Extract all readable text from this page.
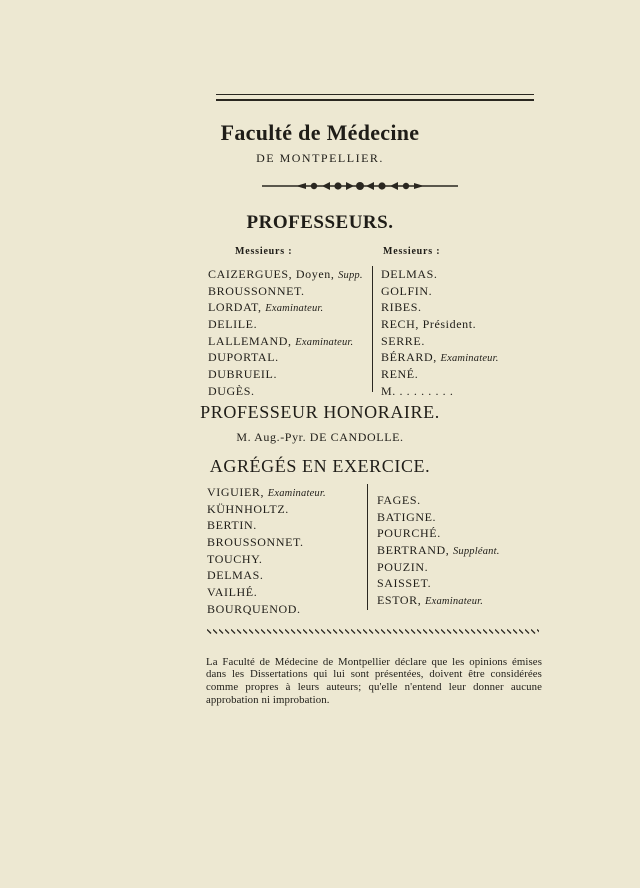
Faculté de Médecine
DE MONTPELLIER.
PROFESSEURS.
Messieurs :	Messieurs :
CAIZERGUES, Doyen, Supp.
BROUSSONNET.
LORDAT, Examinateur.
DELILE.
LALLEMAND, Examinateur.
DUPORTAL.
DUBRUEIL.
DUGÈS.
DELMAS.
GOLFIN.
RIBES.
RECH, Président.
SERRE.
BÉRARD, Examinateur.
RENÉ.
M. . . . . . . . .
PROFESSEUR HONORAIRE.
M. Aug.-Pyr. DE CANDOLLE.
AGRÉGÉS EN EXERCICE.
VIGUIER, Examinateur.
KÜHNHOLTZ.
BERTIN.
BROUSSONNET.
TOUCHY.
DELMAS.
VAILHÉ.
BOURQUENOD.
FAGES.
BATIGNE.
POURCHÉ.
BERTRAND, Suppléant.
POUZIN.
SAISSET.
ESTOR, Examinateur.

La Faculté de Médecine de Montpellier déclare que les opinions émises dans les Dissertations qui lui sont présentées, doivent être considérées comme propres à leurs auteurs; qu'elle n'entend leur donner aucune approbation ni improbation.
